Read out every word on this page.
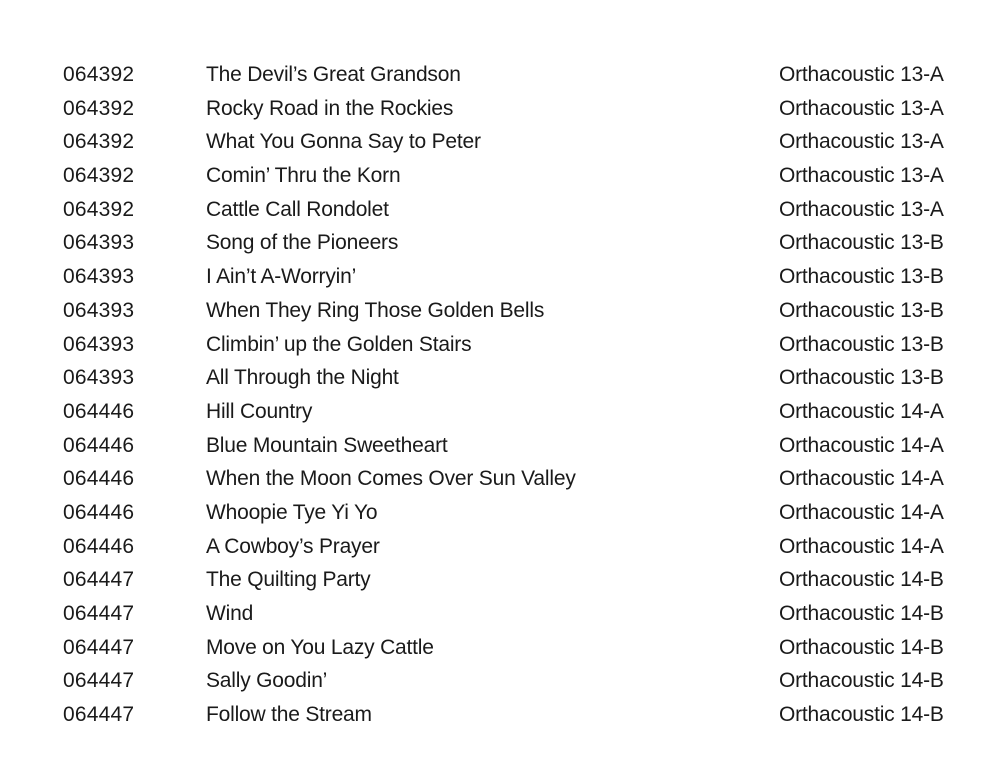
064392	The Devil’s Great Grandson	Orthacoustic 13-A
064392	Rocky Road in the Rockies	Orthacoustic 13-A
064392	What You Gonna Say to Peter	Orthacoustic 13-A
064392	Comin’ Thru the Korn	Orthacoustic 13-A
064392	Cattle Call Rondolet	Orthacoustic 13-A
064393	Song of the Pioneers	Orthacoustic 13-B
064393	I Ain’t A-Worryin’	Orthacoustic 13-B
064393	When They Ring Those Golden Bells	Orthacoustic 13-B
064393	Climbin’ up the Golden Stairs	Orthacoustic 13-B
064393	All Through the Night	Orthacoustic 13-B
064446	Hill Country	Orthacoustic 14-A
064446	Blue Mountain Sweetheart	Orthacoustic 14-A
064446	When the Moon Comes Over Sun Valley	Orthacoustic 14-A
064446	Whoopie Tye Yi Yo	Orthacoustic 14-A
064446	A Cowboy’s Prayer	Orthacoustic 14-A
064447	The Quilting Party	Orthacoustic 14-B
064447	Wind	Orthacoustic 14-B
064447	Move on You Lazy Cattle	Orthacoustic 14-B
064447	Sally Goodin’	Orthacoustic 14-B
064447	Follow the Stream	Orthacoustic 14-B
